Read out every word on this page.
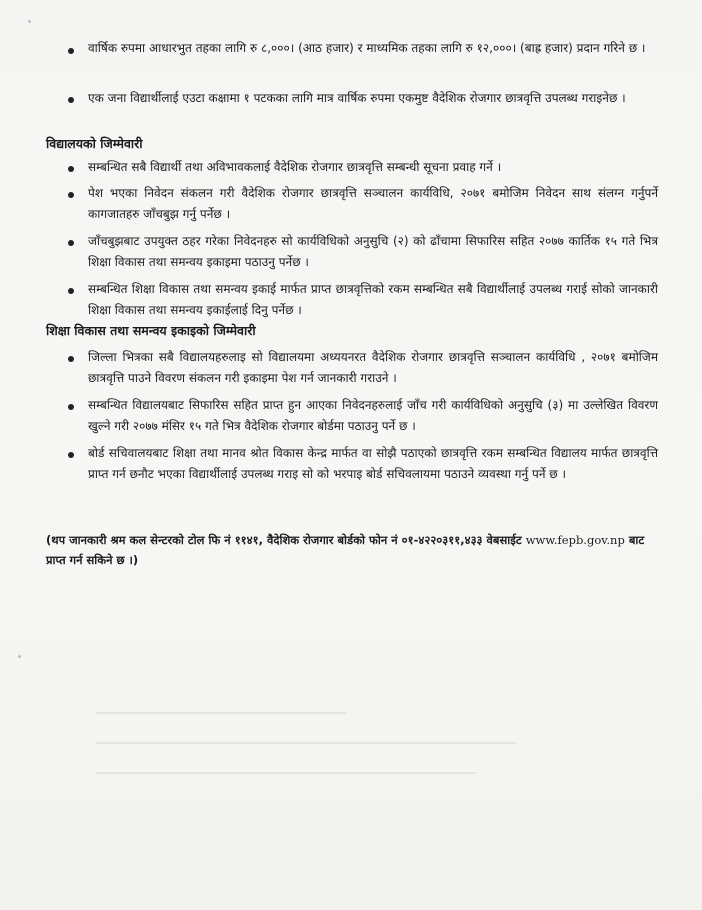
वार्षिक रुपमा आधारभुत तहका लागि रु ८,०००। (आठ हजार) र माध्यमिक तहका लागि रु १२,०००। (बाह्र हजार) प्रदान गरिने छ ।
एक जना विद्यार्थीलाई एउटा कक्षामा १ पटकका लागि मात्र वार्षिक रुपमा एकमुष्ट वैदेशिक रोजगार छात्रवृत्ति उपलब्ध गराइनेछ ।
विद्यालयको जिम्मेवारी
सम्बन्धित सबै विद्यार्थी तथा अविभावकलाई वैदेशिक रोजगार छात्रवृत्ति सम्बन्धी सूचना प्रवाह गर्ने ।
पेश भएका निवेदन संकलन गरी वैदेशिक रोजगार छात्रवृत्ति सञ्चालन कार्यविधि, २०७१ बमोजिम निवेदन साथ संलग्न गर्नुपर्ने कागजातहरु जाँचबुझ गर्नु पर्नेछ ।
जाँचबुझबाट उपयुक्त ठहर गरेका निवेदनहरु सो कार्यविधिको अनुसुचि (२) को ढाँचामा सिफारिस सहित २०७७ कार्तिक १५ गते भित्र शिक्षा विकास तथा समन्वय इकाइमा पठाउनु पर्नेछ ।
सम्बन्धित शिक्षा विकास तथा समन्वय इकाई मार्फत प्राप्त छात्रवृत्तिको रकम सम्बन्धित सबै विद्यार्थीलाई उपलब्ध गराई सोको जानकारी शिक्षा विकास तथा समन्वय इकाईलाई दिनु पर्नेछ ।
शिक्षा विकास तथा समन्वय इकाइको जिम्मेवारी
जिल्ला भित्रका सबै विद्यालयहरुलाइ सो विद्यालयमा अध्ययनरत वैदेशिक रोजगार छात्रवृत्ति सञ्चालन कार्यविधि , २०७१ बमोजिम छात्रवृत्ति पाउने विवरण संकलन गरी इकाइमा पेश गर्न जानकारी गराउने ।
सम्बन्धित विद्यालयबाट सिफारिस सहित प्राप्त हुन आएका निवेदनहरुलाई जाँच गरी कार्यविधिको अनुसुचि (३) मा उल्लेखित विवरण खुल्ने गरी २०७७ मंसिर १५ गते भित्र वैदेशिक रोजगार बोर्डमा पठाउनु पर्ने छ ।
बोर्ड सचिवालयबाट शिक्षा तथा मानव श्रोत विकास केन्द्र मार्फत वा सोझै पठाएको छात्रवृत्ति रकम सम्बन्धित विद्यालय मार्फत छात्रवृत्ति प्राप्त गर्न छनौट भएका विद्यार्थीलाई उपलब्ध गराइ सो को भरपाइ बोर्ड सचिवलायमा पठाउने व्यवस्था गर्नु पर्ने छ ।
(थप जानकारी श्रम कल सेन्टरको टोल फि नं ११४१, वैदेशिक रोजगार बोर्डको फोन नं ०१-४२२०३११,४३३ वेबसाईट www.fepb.gov.np बाट प्राप्त गर्न सकिने छ ।)
